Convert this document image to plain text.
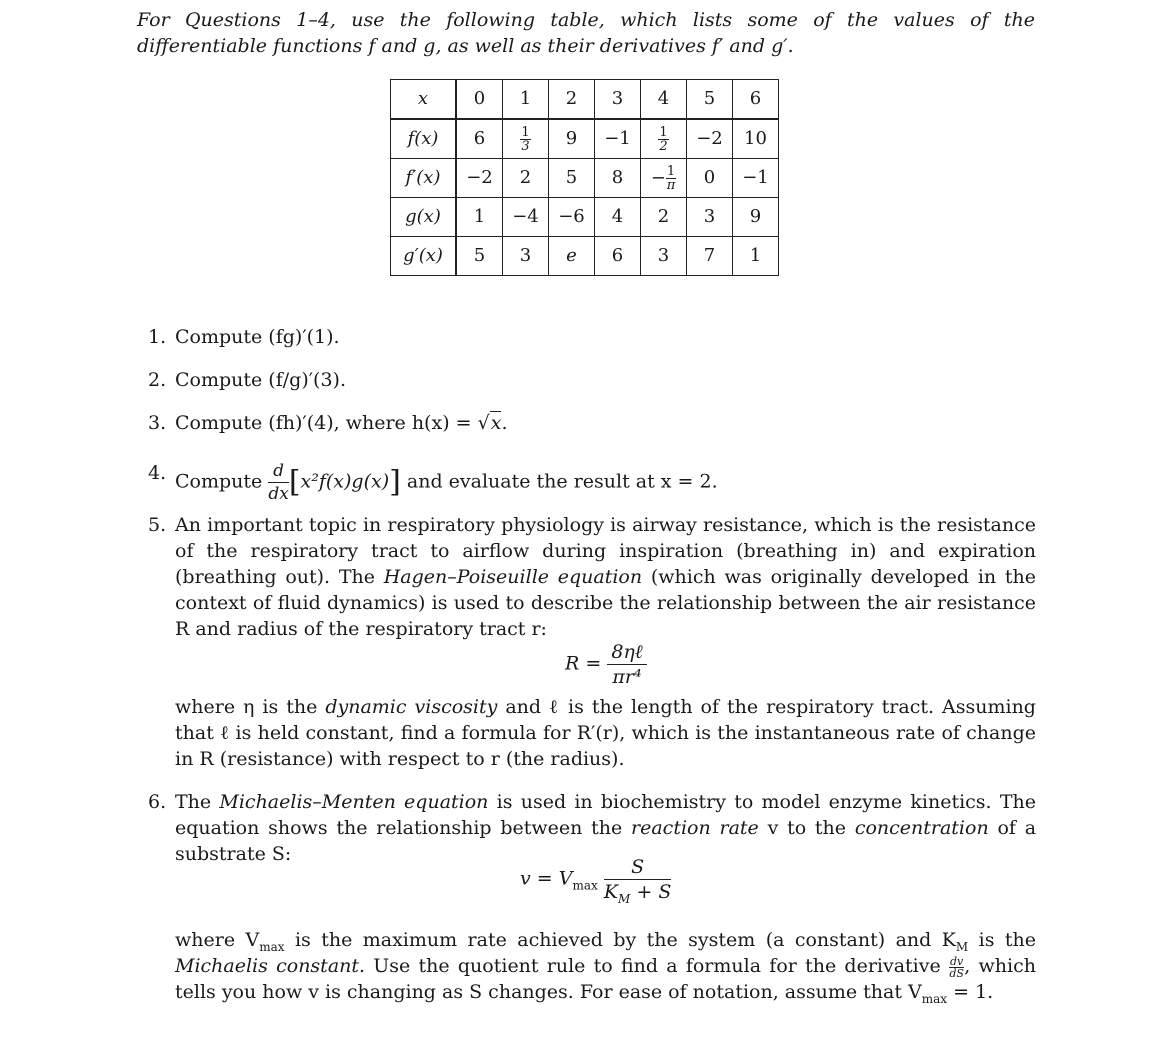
For Questions 1–4, use the following table, which lists some of the values of the differentiable functions f and g, as well as their derivatives f′ and g′.

x	0	1	2	3	4	5	6
f(x)	6	$\frac{1}{3}$	9	−1	$\frac{1}{2}$	−2	10
f′(x)	−2	2	5	8	− $\frac{1}{\pi}$	0	−1
g(x)	1	−4	−6	4	2	3	9
g′(x)	5	3	e	6	3	7	1
1. Compute (fg)′(1).
2. Compute (f/g)′(3).
3. Compute (fh)′(4), where h(x) = √x.
4. Compute $\frac{d}{dx} [x^2f(x)g(x)]$ and evaluate the result at x = 2.
5. An important topic in respiratory physiology is airway resistance, which is the resistance of the respiratory tract to airflow during inspiration (breathing in) and expiration (breathing out). The Hagen–Poiseuille equation (which was originally developed in the context of fluid dynamics) is used to describe the relationship between the air resistance R and radius of the respiratory tract r:
R =
8ηℓ
πr⁴
where η is the dynamic viscosity and ℓ is the length of the respiratory tract. Assuming that ℓ is held constant, find a formula for R′(r), which is the instantaneous rate of change in R (resistance) with respect to r (the radius).
6. The Michaelis–Menten equation is used in biochemistry to model enzyme kinetics. The equation shows the relationship between the reaction rate v to the concentration of a substrate S:
$v = V_{max} \frac{S}{K_M + S}$
where $V_{max}$ is the maximum rate achieved by the system (a constant) and $K_M$ is the Michaelis constant. Use the quotient rule to find a formula for the derivative $\frac{dv}{dS}$ , which tells you how v is changing as S changes. For ease of notation, assume that $V_{max} = 1$.
